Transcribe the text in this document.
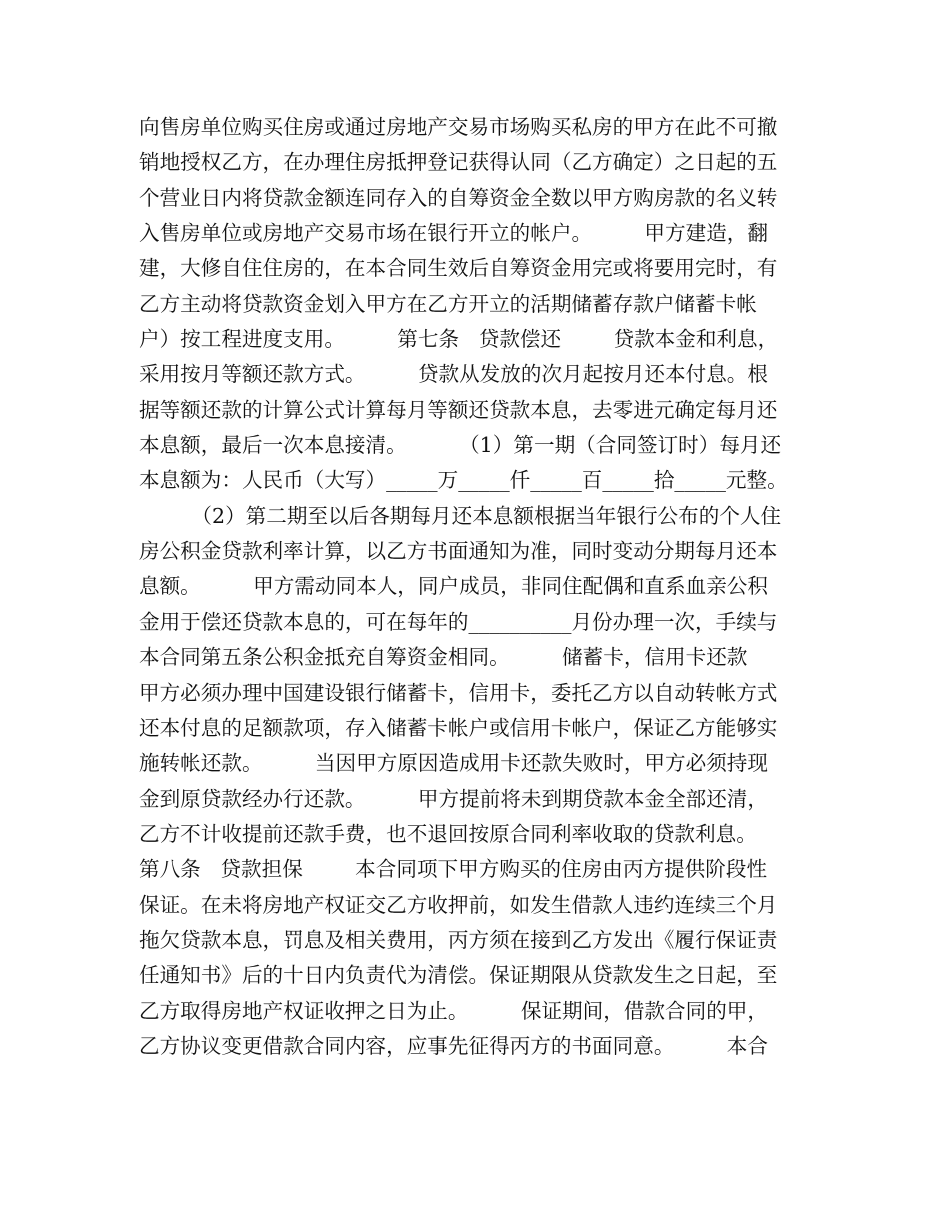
向售房单位购买住房或通过房地产交易市场购买私房的甲方在此不可撤
销地授权乙方，在办理住房抵押登记获得认同（乙方确定）之日起的五
个营业日内将贷款金额连同存入的自筹资金全数以甲方购房款的名义转
入售房单位或房地产交易市场在银行开立的帐户。        甲方建造，翻
建，大修自住住房的，在本合同生效后自筹资金用完或将要用完时，有
乙方主动将贷款资金划入甲方在乙方开立的活期储蓄存款户储蓄卡帐
户）按工程进度支用。        第七条   贷款偿还        贷款本金和利息，
采用按月等额还款方式。        贷款从发放的次月起按月还本付息。根
据等额还款的计算公式计算每月等额还贷款本息，去零进元确定每月还
本息额，最后一次本息接清。        （1）第一期（合同签订时）每月还
本息额为：人民币（大写）_____万_____仟_____百_____拾_____元整。
（2）第二期至以后各期每月还本息额根据当年银行公布的个人住
房公积金贷款利率计算，以乙方书面通知为准，同时变动分期每月还本
息额。        甲方需动同本人，同户成员，非同住配偶和直系血亲公积
金用于偿还贷款本息的，可在每年的__________月份办理一次，手续与
本合同第五条公积金抵充自筹资金相同。        储蓄卡，信用卡还款
甲方必须办理中国建设银行储蓄卡，信用卡，委托乙方以自动转帐方式
还本付息的足额款项，存入储蓄卡帐户或信用卡帐户，保证乙方能够实
施转帐还款。        当因甲方原因造成用卡还款失败时，甲方必须持现
金到原贷款经办行还款。        甲方提前将未到期贷款本金全部还清，
乙方不计收提前还款手费，也不退回按原合同利率收取的贷款利息。
第八条   贷款担保        本合同项下甲方购买的住房由丙方提供阶段性
保证。在未将房地产权证交乙方收押前，如发生借款人违约连续三个月
拖欠贷款本息，罚息及相关费用，丙方须在接到乙方发出《履行保证责
任通知书》后的十日内负责代为清偿。保证期限从贷款发生之日起，至
乙方取得房地产权证收押之日为止。        保证期间，借款合同的甲，
乙方协议变更借款合同内容，应事先征得丙方的书面同意。        本合
